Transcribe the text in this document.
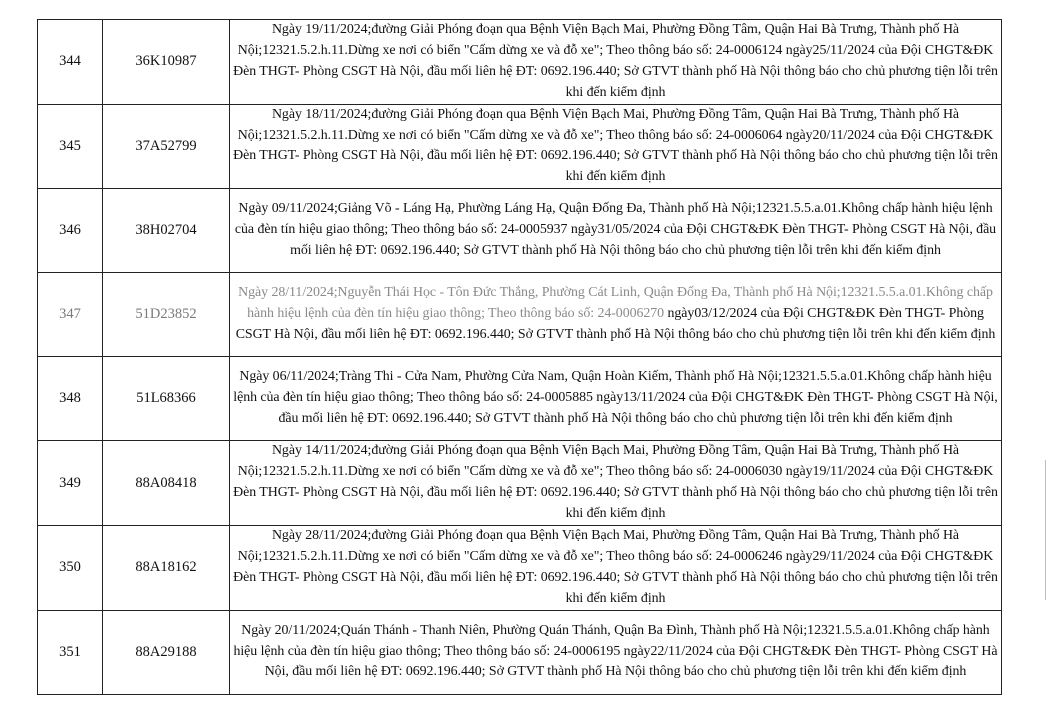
344	36K10987	Ngày 19/11/2024;đường Giải Phóng đoạn qua Bệnh Viện Bạch Mai, Phường Đồng Tâm, Quận Hai Bà Trưng, Thành phố Hà Nội;12321.5.2.h.11.Dừng xe nơi có biển "Cấm dừng xe và đỗ xe"; Theo thông báo số: 24-0006124 ngày25/11/2024 của Đội CHGT&ĐK Đèn THGT- Phòng CSGT Hà Nội, đầu mối liên hệ ĐT: 0692.196.440; Sở GTVT thành phố Hà Nội thông báo cho chủ phương tiện lỗi trên khi đến kiểm định
345	37A52799	Ngày 18/11/2024;đường Giải Phóng đoạn qua Bệnh Viện Bạch Mai, Phường Đồng Tâm, Quận Hai Bà Trưng, Thành phố Hà Nội;12321.5.2.h.11.Dừng xe nơi có biển "Cấm dừng xe và đỗ xe"; Theo thông báo số: 24-0006064 ngày20/11/2024 của Đội CHGT&ĐK Đèn THGT- Phòng CSGT Hà Nội, đầu mối liên hệ ĐT: 0692.196.440; Sở GTVT thành phố Hà Nội thông báo cho chủ phương tiện lỗi trên khi đến kiểm định
346	38H02704	Ngày 09/11/2024;Giảng Võ - Láng Hạ, Phường Láng Hạ, Quận Đống Đa, Thành phố Hà Nội;12321.5.5.a.01.Không chấp hành hiệu lệnh của đèn tín hiệu giao thông; Theo thông báo số: 24-0005937 ngày31/05/2024 của Đội CHGT&ĐK Đèn THGT- Phòng CSGT Hà Nội, đầu mối liên hệ ĐT: 0692.196.440; Sở GTVT thành phố Hà Nội thông báo cho chủ phương tiện lỗi trên khi đến kiểm định
347	51D23852	Ngày 28/11/2024;Nguyễn Thái Học - Tôn Đức Thắng, Phường Cát Linh, Quận Đống Đa, Thành phố Hà Nội;12321.5.5.a.01.Không chấp hành hiệu lệnh của đèn tín hiệu giao thông; Theo thông báo số: 24-0006270 ngày03/12/2024 của Đội CHGT&ĐK Đèn THGT- Phòng CSGT Hà Nội, đầu mối liên hệ ĐT: 0692.196.440; Sở GTVT thành phố Hà Nội thông báo cho chủ phương tiện lỗi trên khi đến kiểm định
348	51L68366	Ngày 06/11/2024;Tràng Thi - Cửa Nam, Phường Cửa Nam, Quận Hoàn Kiếm, Thành phố Hà Nội;12321.5.5.a.01.Không chấp hành hiệu lệnh của đèn tín hiệu giao thông; Theo thông báo số: 24-0005885 ngày13/11/2024 của Đội CHGT&ĐK Đèn THGT- Phòng CSGT Hà Nội, đầu mối liên hệ ĐT: 0692.196.440; Sở GTVT thành phố Hà Nội thông báo cho chủ phương tiện lỗi trên khi đến kiểm định
349	88A08418	Ngày 14/11/2024;đường Giải Phóng đoạn qua Bệnh Viện Bạch Mai, Phường Đồng Tâm, Quận Hai Bà Trưng, Thành phố Hà Nội;12321.5.2.h.11.Dừng xe nơi có biển "Cấm dừng xe và đỗ xe"; Theo thông báo số: 24-0006030 ngày19/11/2024 của Đội CHGT&ĐK Đèn THGT- Phòng CSGT Hà Nội, đầu mối liên hệ ĐT: 0692.196.440; Sở GTVT thành phố Hà Nội thông báo cho chủ phương tiện lỗi trên khi đến kiểm định
350	88A18162	Ngày 28/11/2024;đường Giải Phóng đoạn qua Bệnh Viện Bạch Mai, Phường Đồng Tâm, Quận Hai Bà Trưng, Thành phố Hà Nội;12321.5.2.h.11.Dừng xe nơi có biển "Cấm dừng xe và đỗ xe"; Theo thông báo số: 24-0006246 ngày29/11/2024 của Đội CHGT&ĐK Đèn THGT- Phòng CSGT Hà Nội, đầu mối liên hệ ĐT: 0692.196.440; Sở GTVT thành phố Hà Nội thông báo cho chủ phương tiện lỗi trên khi đến kiểm định
351	88A29188	Ngày 20/11/2024;Quán Thánh - Thanh Niên, Phường Quán Thánh, Quận Ba Đình, Thành phố Hà Nội;12321.5.5.a.01.Không chấp hành hiệu lệnh của đèn tín hiệu giao thông; Theo thông báo số: 24-0006195 ngày22/11/2024 của Đội CHGT&ĐK Đèn THGT- Phòng CSGT Hà Nội, đầu mối liên hệ ĐT: 0692.196.440; Sở GTVT thành phố Hà Nội thông báo cho chủ phương tiện lỗi trên khi đến kiểm định
